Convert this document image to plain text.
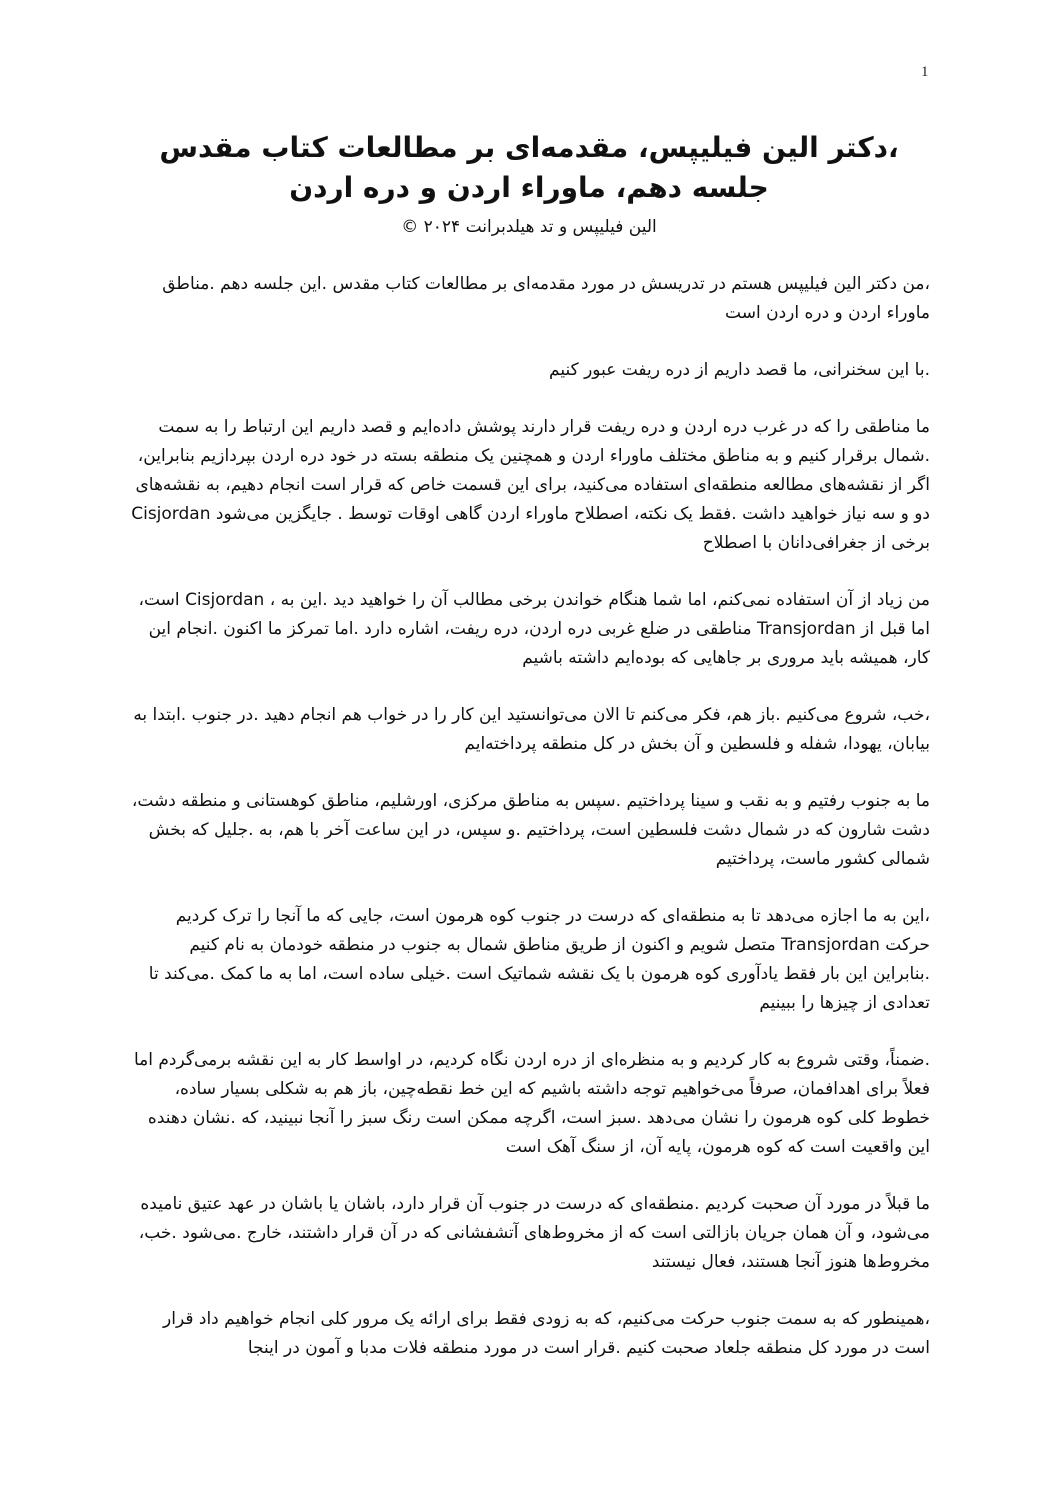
1

،دکتر الین فیلیپس، مقدمه‌ای بر مطالعات کتاب مقدس

جلسه دهم، ماوراء اردن و دره اردن

الین فیلیپس و تد هیلدبرانت ۲۰۲۴ ©

،من دکتر الین فیلیپس هستم در تدریسش در مورد مقدمه‌ای بر مطالعات کتاب مقدس .این جلسه دهم .مناطق ماوراء اردن و دره اردن است

.با این سخنرانی، ما قصد داریم از دره ریفت عبور کنیم

ما مناطقی را که در غرب دره اردن و دره ریفت قرار دارند پوشش داده‌ایم و قصد داریم این ارتباط را به سمت .شمال برقرار کنیم و به مناطق مختلف ماوراء اردن و همچنین یک منطقه بسته در خود دره اردن بپردازیم بنابراین، اگر از نقشه‌های مطالعه منطقه‌ای استفاده می‌کنید، برای این قسمت خاص که قرار است انجام دهیم، به نقشه‌های دو و سه نیاز خواهید داشت .فقط یک نکته، اصطلاح ماوراء اردن گاهی اوقات توسط . جایگزین می‌شود Cisjordan برخی از جغرافی‌دانان با اصطلاح

من زیاد از آن استفاده نمی‌کنم، اما شما هنگام خواندن برخی مطالب آن را خواهید دید .این به ، Cisjordan است، اما قبل از Transjordan مناطقی در ضلع غربی دره اردن، دره ریفت، اشاره دارد .اما تمرکز ما اکنون .انجام این کار، همیشه باید مروری بر جاهایی که بوده‌ایم داشته باشیم

،خب، شروع می‌کنیم .باز هم، فکر می‌کنم تا الان می‌توانستید این کار را در خواب هم انجام دهید .در جنوب .ابتدا به بیابان، یهودا، شفله و فلسطین و آن بخش در کل منطقه پرداخته‌ایم

ما به جنوب رفتیم و به نقب و سینا پرداختیم .سپس به مناطق مرکزی، اورشلیم، مناطق کوهستانی و منطقه دشت، دشت شارون که در شمال دشت فلسطین است، پرداختیم .و سپس، در این ساعت آخر با هم، به .جلیل که بخش شمالی کشور ماست، پرداختیم

،این به ما اجازه می‌دهد تا به منطقه‌ای که درست در جنوب کوه هرمون است، جایی که ما آنجا را ترک کردیم حرکت Transjordan متصل شویم و اکنون از طریق مناطق شمال به جنوب در منطقه خودمان به نام کنیم .بنابراین این بار فقط یادآوری کوه هرمون با یک نقشه شماتیک است .خیلی ساده است، اما به ما کمک .می‌کند تا تعدادی از چیزها را ببینیم

.ضمناً، وقتی شروع به کار کردیم و به منظره‌ای از دره اردن نگاه کردیم، در اواسط کار به این نقشه برمی‌گردم اما فعلاً برای اهدافمان، صرفاً می‌خواهیم توجه داشته باشیم که این خط نقطه‌چین، باز هم به شکلی بسیار ساده، خطوط کلی کوه هرمون را نشان می‌دهد .سبز است، اگرچه ممکن است رنگ سبز را آنجا نبینید، که .نشان دهنده این واقعیت است که کوه هرمون، پایه آن، از سنگ آهک است

ما قبلاً در مورد آن صحبت کردیم .منطقه‌ای که درست در جنوب آن قرار دارد، باشان یا باشان در عهد عتیق نامیده می‌شود، و آن همان جریان بازالتی است که از مخروط‌های آتشفشانی که در آن قرار داشتند، خارج .می‌شود .خب، مخروط‌ها هنوز آنجا هستند، فعال نیستند

،همینطور که به سمت جنوب حرکت می‌کنیم، که به زودی فقط برای ارائه یک مرور کلی انجام خواهیم داد قرار است در مورد کل منطقه جلعاد صحبت کنیم .قرار است در مورد منطقه فلات مدبا و آمون در اینجا
